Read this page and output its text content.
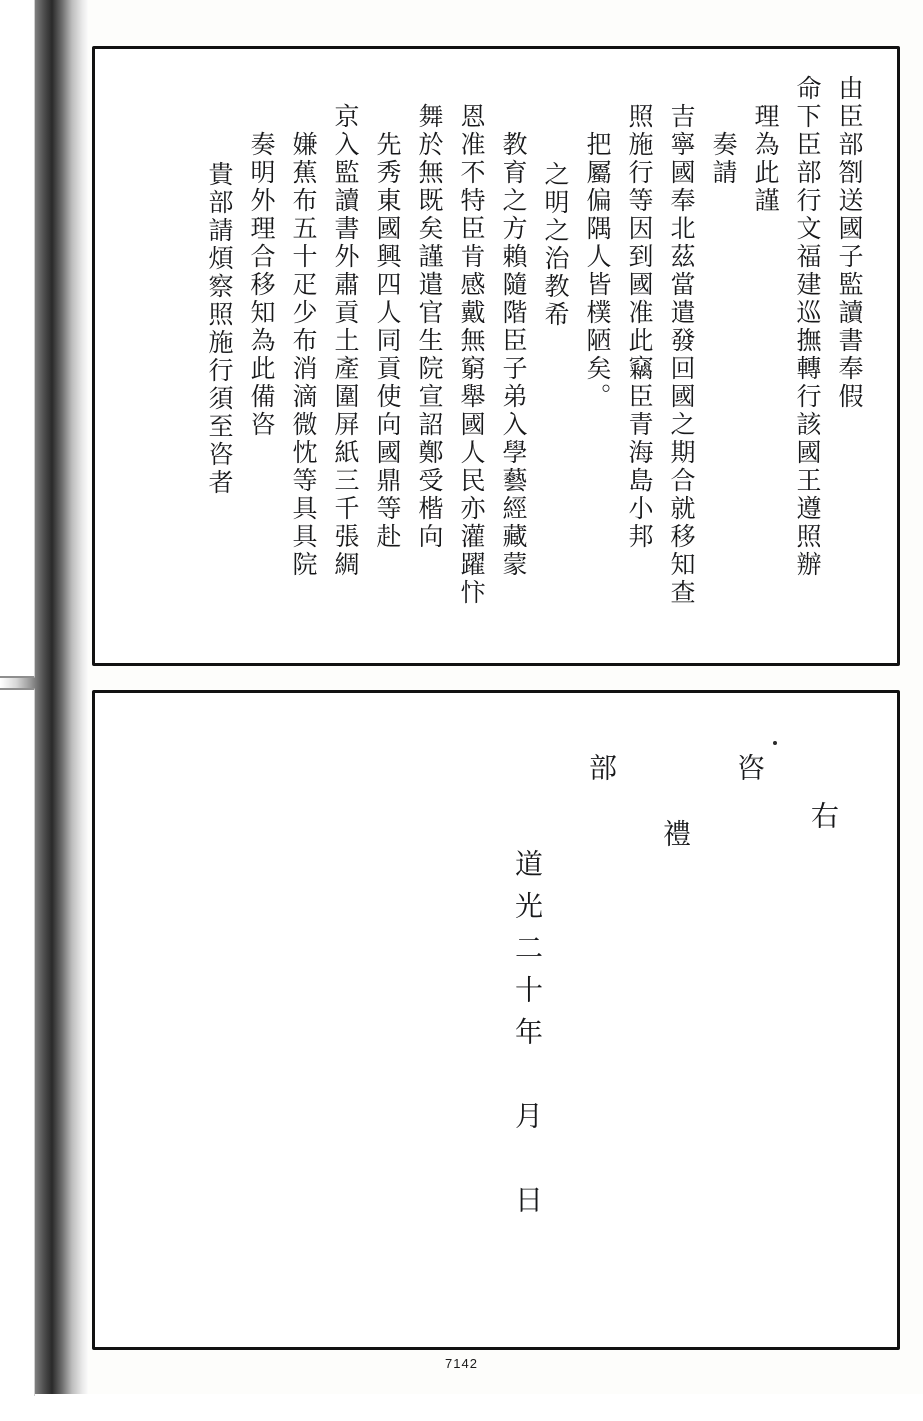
由臣部劄送國子監讀書奉假
命下臣部行文福建巡撫轉行該國王遵照辦
理為此謹
奏請
吉寧國奉北茲當遣發回國之期合就移知查
照施行等因到國准此竊臣青海島小邦
把屬偏隅人皆樸陋矣。
之明之治教希
教育之方賴隨階臣子弟入學藝經藏蒙
恩准不特臣肯感戴無窮舉國人民亦灌躍忭
舞於無既矣謹遣官生院宣詔鄭受楷向
先秀東國興四人同貢使向國鼎等赴
京入監讀書外肅貢土產圍屏紙三千張綢
嫌蕉布五十疋少布消滴微忱等具具院
奏明外理合移知為此備咨
貴部請煩察照施行須至咨者
右
咨
禮
部
道光二十年　月　日
7142
